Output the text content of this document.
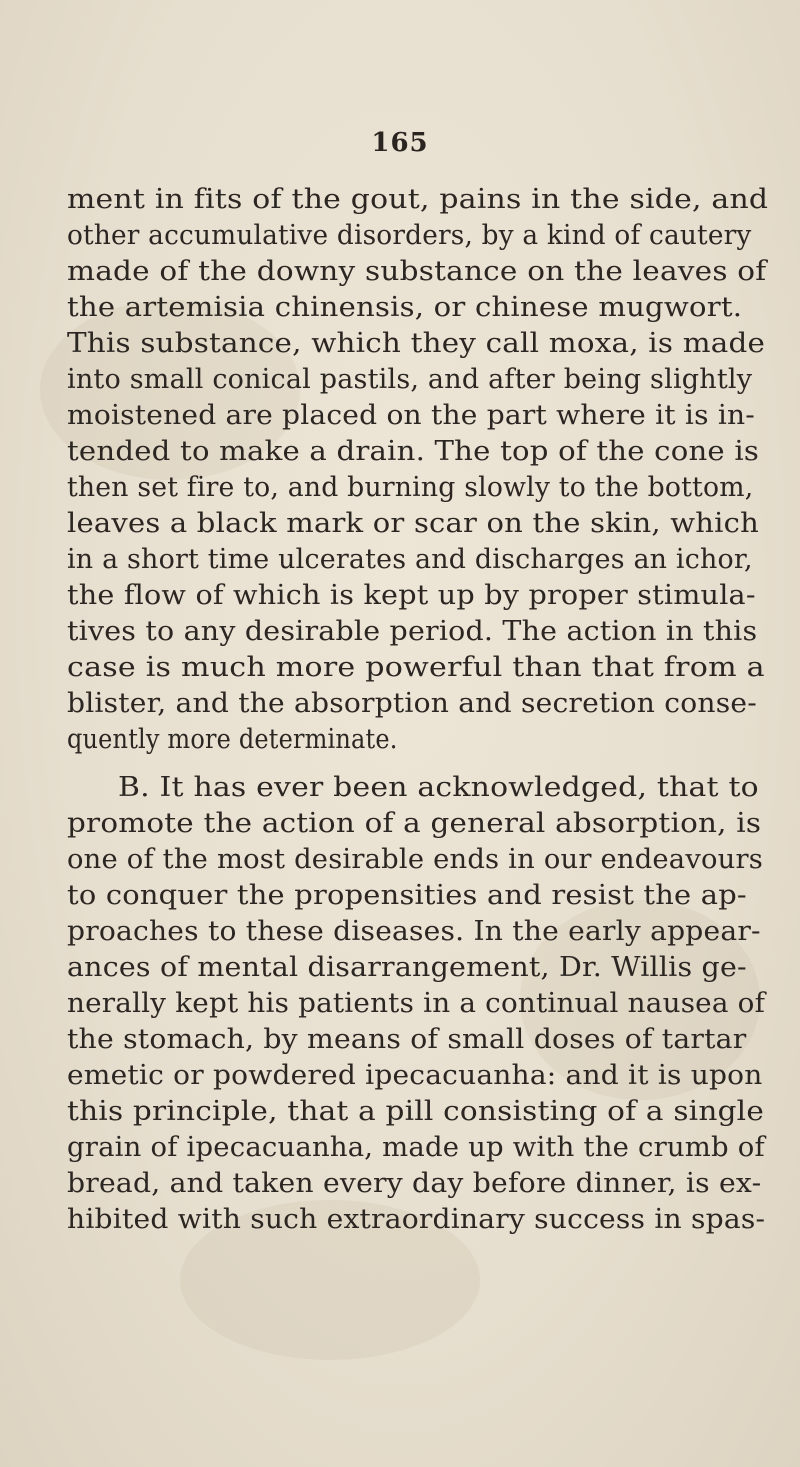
165
ment in fits of the gout, pains in the side, and
other accumulative disorders, by a kind of cautery
made of the downy substance on the leaves of
the artemisia chinensis, or chinese mugwort.
This substance, which they call moxa, is made
into small conical pastils, and after being slightly
moistened are placed on the part where it is in-
tended to make a drain. The top of the cone is
then set fire to, and burning slowly to the bottom,
leaves a black mark or scar on the skin, which
in a short time ulcerates and discharges an ichor,
the flow of which is kept up by proper stimula-
tives to any desirable period. The action in this
case is much more powerful than that from a
blister, and the absorption and secretion conse-
quently more determinate.
B. It has ever been acknowledged, that to
promote the action of a general absorption, is
one of the most desirable ends in our endeavours
to conquer the propensities and resist the ap-
proaches to these diseases. In the early appear-
ances of mental disarrangement, Dr. Willis ge-
nerally kept his patients in a continual nausea of
the stomach, by means of small doses of tartar
emetic or powdered ipecacuanha: and it is upon
this principle, that a pill consisting of a single
grain of ipecacuanha, made up with the crumb of
bread, and taken every day before dinner, is ex-
hibited with such extraordinary success in spas-
